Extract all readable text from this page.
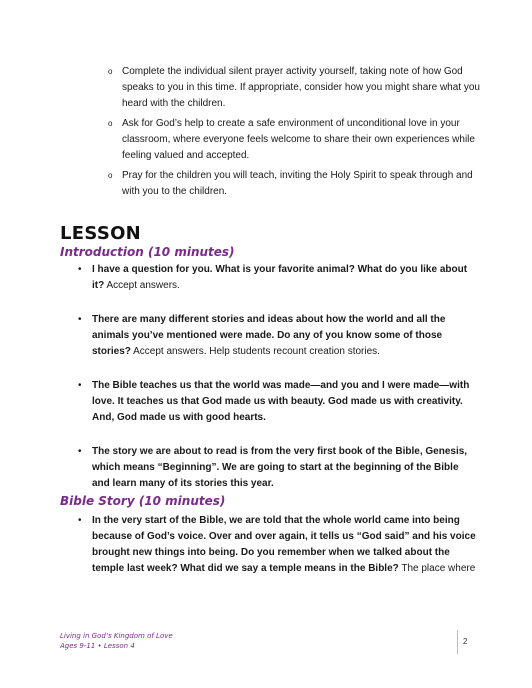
o Complete the individual silent prayer activity yourself, taking note of how God speaks to you in this time. If appropriate, consider how you might share what you heard with the children.
o Ask for God’s help to create a safe environment of unconditional love in your classroom, where everyone feels welcome to share their own experiences while feeling valued and accepted.
o Pray for the children you will teach, inviting the Holy Spirit to speak through and with you to the children.
LESSON
Introduction (10 minutes)
• I have a question for you. What is your favorite animal? What do you like about it? Accept answers.
• There are many different stories and ideas about how the world and all the animals you’ve mentioned were made. Do any of you know some of those stories? Accept answers. Help students recount creation stories.
• The Bible teaches us that the world was made—and you and I were made—with love. It teaches us that God made us with beauty. God made us with creativity. And, God made us with good hearts.
• The story we are about to read is from the very first book of the Bible, Genesis, which means “Beginning”. We are going to start at the beginning of the Bible and learn many of its stories this year.
Bible Story (10 minutes)
• In the very start of the Bible, we are told that the whole world came into being because of God’s voice. Over and over again, it tells us “God said” and his voice brought new things into being. Do you remember when we talked about the temple last week? What did we say a temple means in the Bible? The place where
Living in God’s Kingdom of Love
Ages 9-11 • Lesson 4	2
